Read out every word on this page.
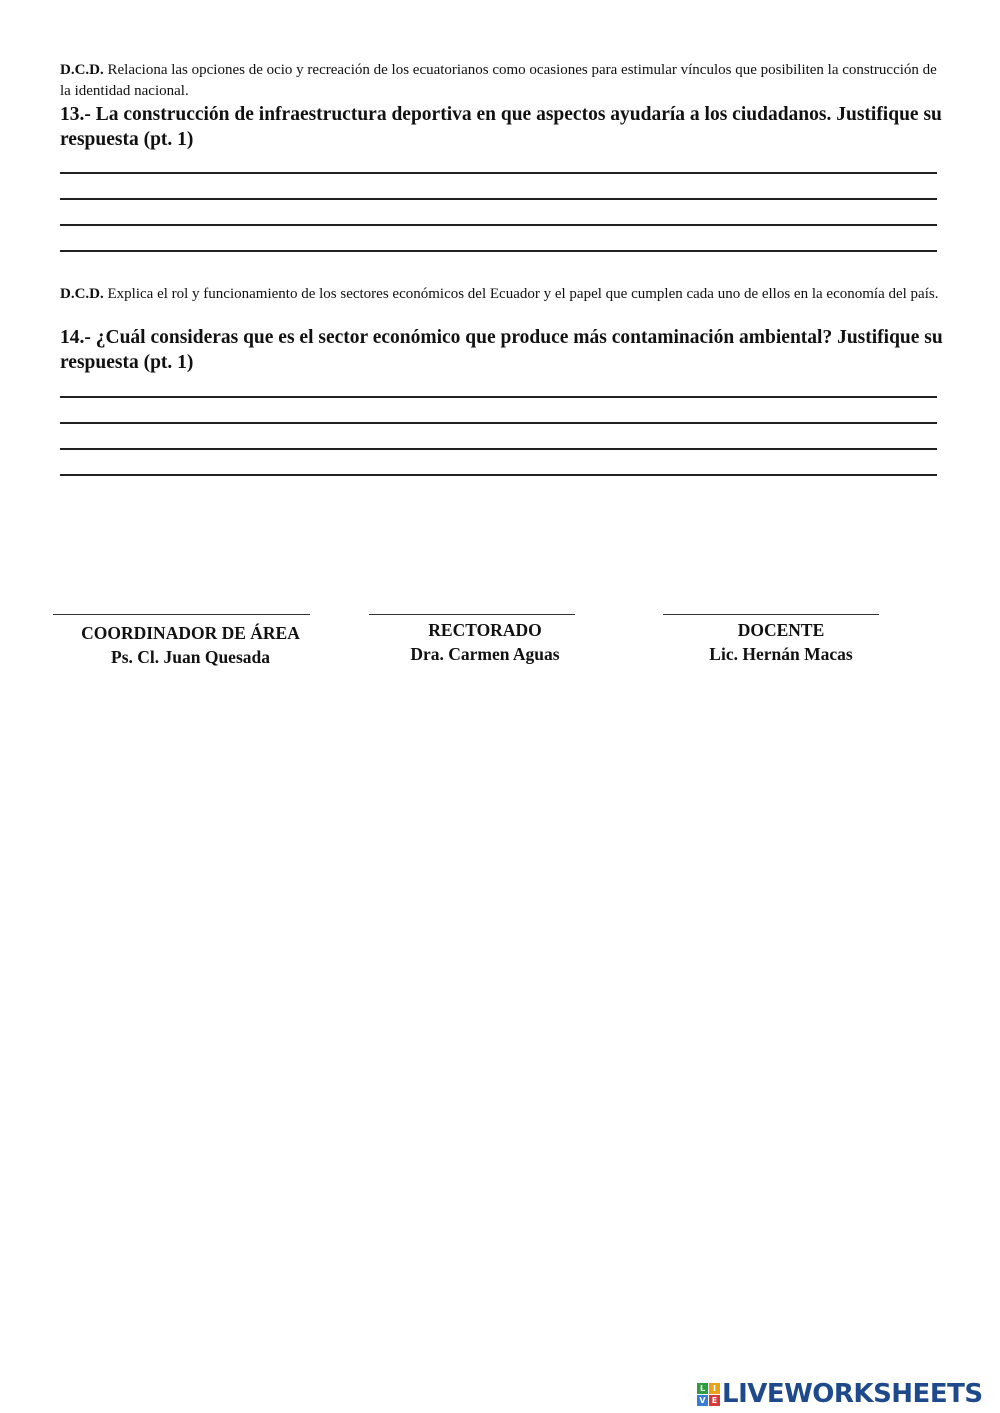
D.C.D. Relaciona las opciones de ocio y recreación de los ecuatorianos como ocasiones para estimular vínculos que posibiliten la construcción de la identidad nacional.
13.- La construcción de infraestructura deportiva en que aspectos ayudaría a los ciudadanos. Justifique su respuesta (pt. 1)
D.C.D. Explica el rol y funcionamiento de los sectores económicos del Ecuador y el papel que cumplen cada uno de ellos en la economía del país.
14.- ¿Cuál consideras que es el sector económico que produce más contaminación ambiental? Justifique su respuesta (pt. 1)
COORDINADOR DE ÁREA
Ps. Cl. Juan Quesada
RECTORADO
Dra. Carmen Aguas
DOCENTE
Lic. Hernán Macas
L I
V E LIVEWORKSHEETS
